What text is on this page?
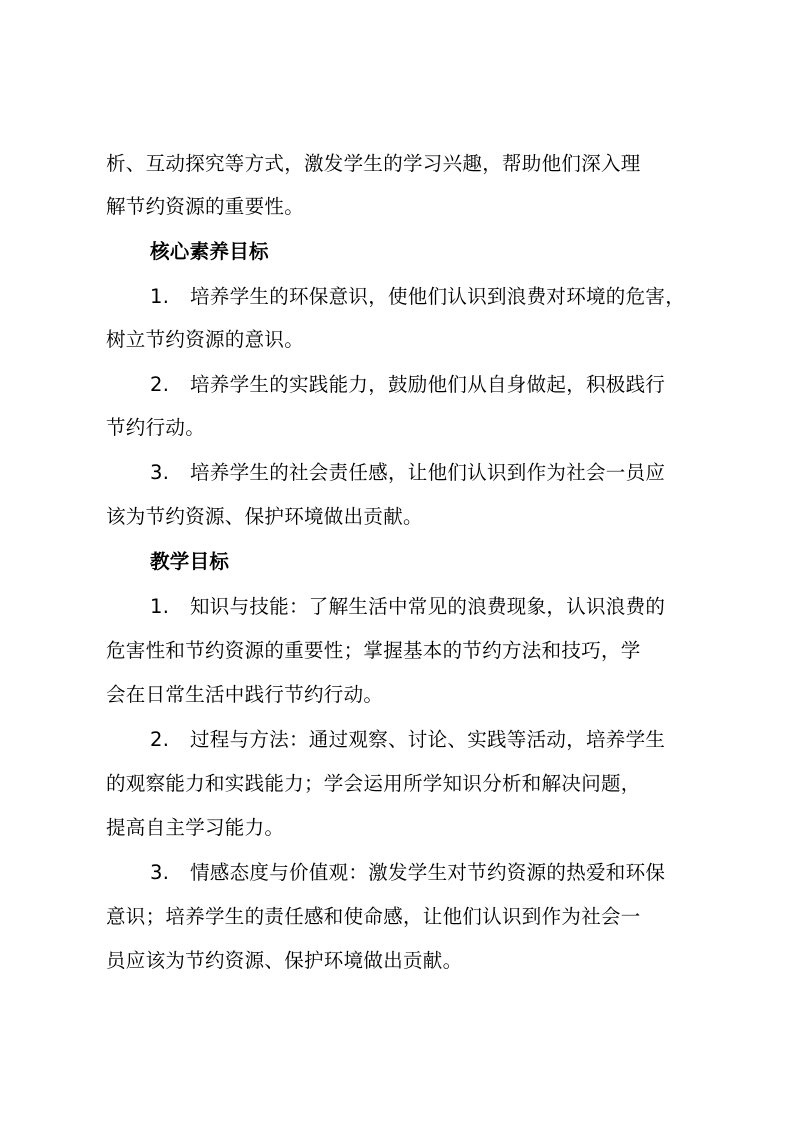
析、互动探究等方式，激发学生的学习兴趣，帮助他们深入理
解节约资源的重要性。
核心素养目标
1. 培养学生的环保意识，使他们认识到浪费对环境的危害，
树立节约资源的意识。
2. 培养学生的实践能力，鼓励他们从自身做起，积极践行
节约行动。
3. 培养学生的社会责任感，让他们认识到作为社会一员应
该为节约资源、保护环境做出贡献。
教学目标
1. 知识与技能：了解生活中常见的浪费现象，认识浪费的
危害性和节约资源的重要性；掌握基本的节约方法和技巧，学
会在日常生活中践行节约行动。
2. 过程与方法：通过观察、讨论、实践等活动，培养学生
的观察能力和实践能力；学会运用所学知识分析和解决问题，
提高自主学习能力。
3. 情感态度与价值观：激发学生对节约资源的热爱和环保
意识；培养学生的责任感和使命感，让他们认识到作为社会一
员应该为节约资源、保护环境做出贡献。
